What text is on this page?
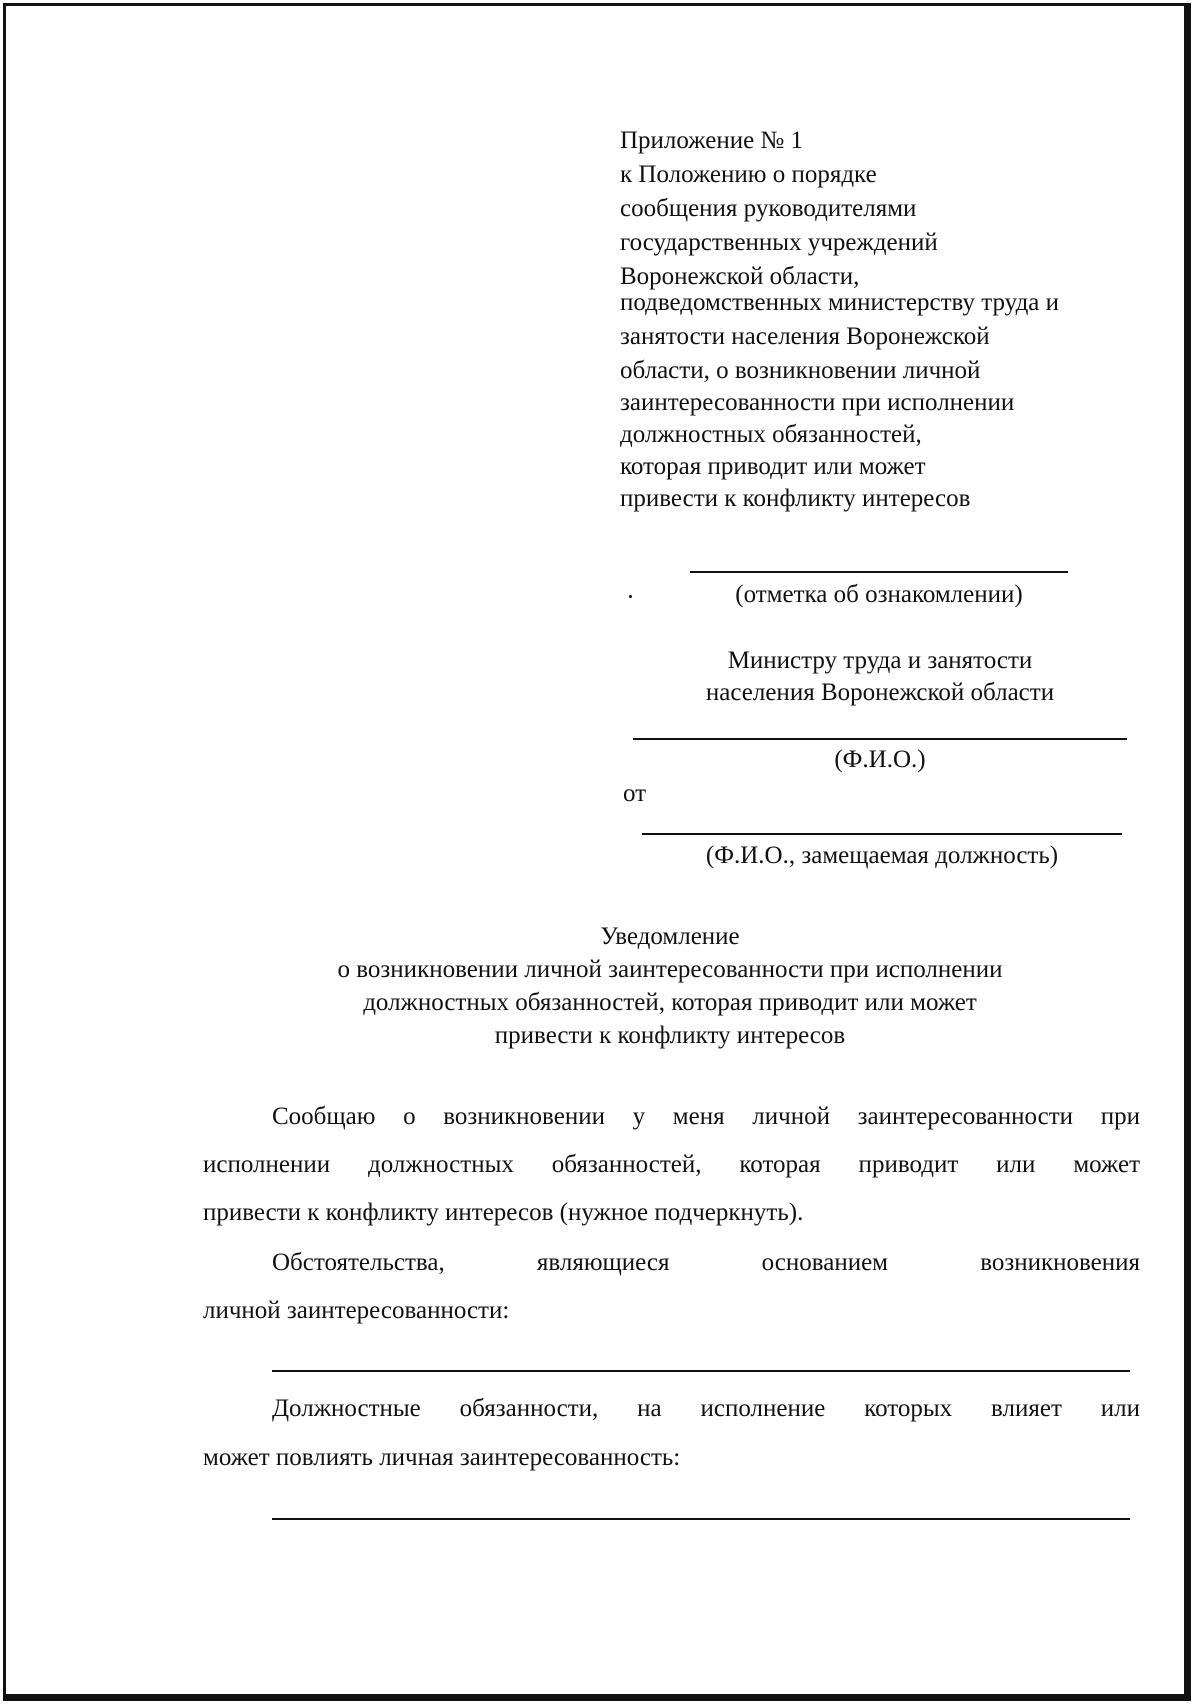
Приложение № 1
к Положению о порядке
сообщения руководителями
государственных учреждений
Воронежской области,
подведомственных министерству труда и
занятости населения Воронежской
области, о возникновении личной
заинтересованности при исполнении
должностных обязанностей,
которая приводит или может
привести к конфликту интересов
(отметка об ознакомлении)
Министру труда и занятости
населения Воронежской области
(Ф.И.О.)
от
(Ф.И.О., замещаемая должность)
Уведомление
о возникновении личной заинтересованности при исполнении
должностных обязанностей, которая приводит или может
привести к конфликту интересов
Сообщаю о возникновении у меня личной заинтересованности при
исполнении должностных обязанностей, которая приводит или может
привести к конфликту интересов (нужное подчеркнуть).
Обстоятельства, являющиеся основанием возникновения
личной заинтересованности:
Должностные обязанности, на исполнение которых влияет или
может повлиять личная заинтересованность:
